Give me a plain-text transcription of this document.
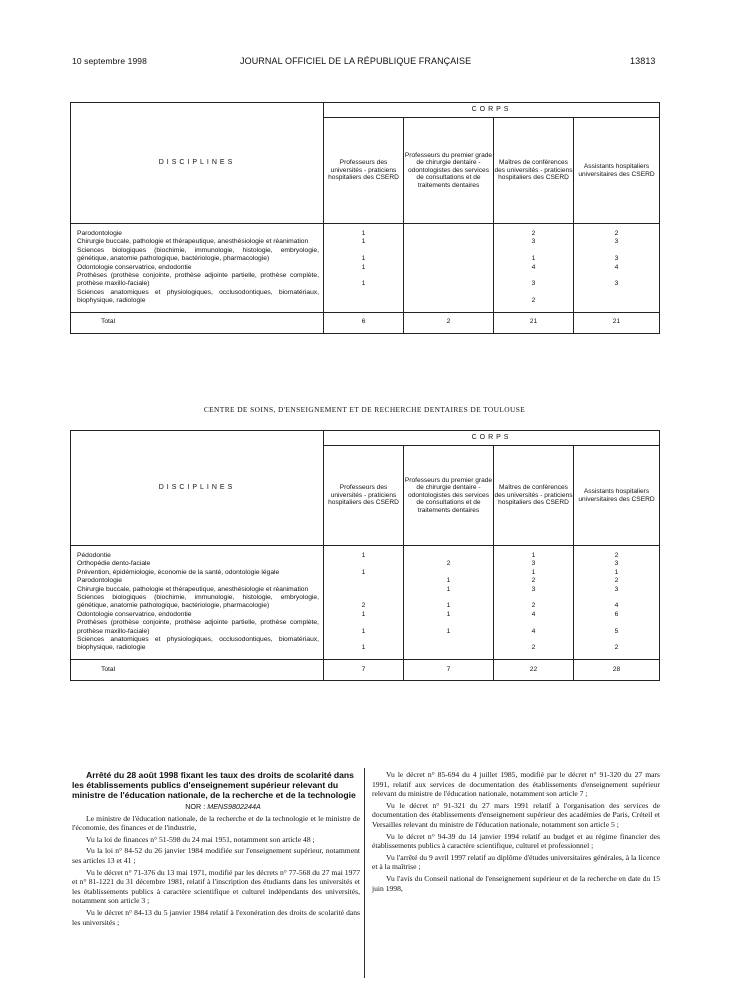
10 septembre 1998	JOURNAL OFFICIEL DE LA RÉPUBLIQUE FRANÇAISE	13813
DISCIPLINES	CORPS			
	Professeurs des universités - praticiens hospitaliers des CSERD	Professeurs du premier grade de chirurgie dentaire - odontologistes des services de consultations et de traitements dentaires	Maîtres de conférences des universités - praticiens hospitaliers des CSERD	Assistants hospitaliers universitaires des CSERD

Parodontologie	1		2	2
Chirurgie buccale, pathologie et thérapeutique, anesthésiologie et réanimation	1		3	3
Sciences biologiques (biochimie, immunologie, histologie, embryologie, génétique, anatomie pathologique, bactériologie, pharmacologie)	1		1	3
Odontologie conservatrice, endodontie	1		4	4
Prothèses (prothèse conjointe, prothèse adjointe partielle, prothèse complète, prothèse maxillo-faciale)	1		3	3
Sciences anatomiques et physiologiques, occlusodontiques, biomatériaux, biophysique, radiologie			2	

Total	6	2	21	21
CENTRE DE SOINS, D'ENSEIGNEMENT ET DE RECHERCHE DENTAIRES DE TOULOUSE
DISCIPLINES	CORPS			
	Professeurs des universités - praticiens hospitaliers des CSERD	Professeurs du premier grade de chirurgie dentaire - odontologistes des services de consultations et de traitements dentaires	Maîtres de conférences des universités - praticiens hospitaliers des CSERD	Assistants hospitaliers universitaires des CSERD

Pédodontie	1		1	2
Orthopédie dento-faciale		2	3	3
Prévention, épidémiologie, économie de la santé, odontologie légale	1		1	1
Parodontologie		1	2	2
Chirurgie buccale, pathologie et thérapeutique, anesthésiologie et réanimation		1	3	3
Sciences biologiques (biochimie, immunologie, histologie, embryologie, génétique, anatomie pathologique, bactériologie, pharmacologie)	2	1	2	4
Odontologie conservatrice, endodontie	1	1	4	6
Prothèses (prothèse conjointe, prothèse adjointe partielle, prothèse complète, prothèse maxillo-faciale)	1	1	4	5
Sciences anatomiques et physiologiques, occlusodontiques, biomatériaux, biophysique, radiologie	1		2	2

Total	7	7	22	28

Arrêté du 28 août 1998 fixant les taux des droits de scolarité dans les établissements publics d'enseignement supérieur relevant du ministre de l'éducation nationale, de la recherche et de la technologie

NOR : MENS9802244A

Le ministre de l'éducation nationale, de la recherche et de la technologie et le ministre de l'économie, des finances et de l'industrie,

Vu la loi de finances n° 51-598 du 24 mai 1951, notamment son article 48 ;

Vu la loi n° 84-52 du 26 janvier 1984 modifiée sur l'enseignement supérieur, notamment ses articles 13 et 41 ;

Vu le décret n° 71-376 du 13 mai 1971, modifié par les décrets n° 77-568 du 27 mai 1977 et n° 81-1221 du 31 décembre 1981, relatif à l'inscription des étudiants dans les universités et les établissements publics à caractère scientifique et culturel indépendants des universités, notamment son article 3 ;

Vu le décret n° 84-13 du 5 janvier 1984 relatif à l'exonération des droits de scolarité dans les universités ;

Vu le décret n° 85-694 du 4 juillet 1985, modifié par le décret n° 91-320 du 27 mars 1991, relatif aux services de documentation des établissements d'enseignement supérieur relevant du ministre de l'éducation nationale, notamment son article 7 ;

Vu le décret n° 91-321 du 27 mars 1991 relatif à l'organisation des services de documentation des établissements d'enseignement supérieur des académies de Paris, Créteil et Versailles relevant du ministre de l'éducation nationale, notamment son article 5 ;

Vu le décret n° 94-39 du 14 janvier 1994 relatif au budget et au régime financier des établissements publics à caractère scientifique, culturel et professionnel ;

Vu l'arrêté du 9 avril 1997 relatif au diplôme d'études universitaires générales, à la licence et à la maîtrise ;

Vu l'avis du Conseil national de l'enseignement supérieur et de la recherche en date du 15 juin 1998,
